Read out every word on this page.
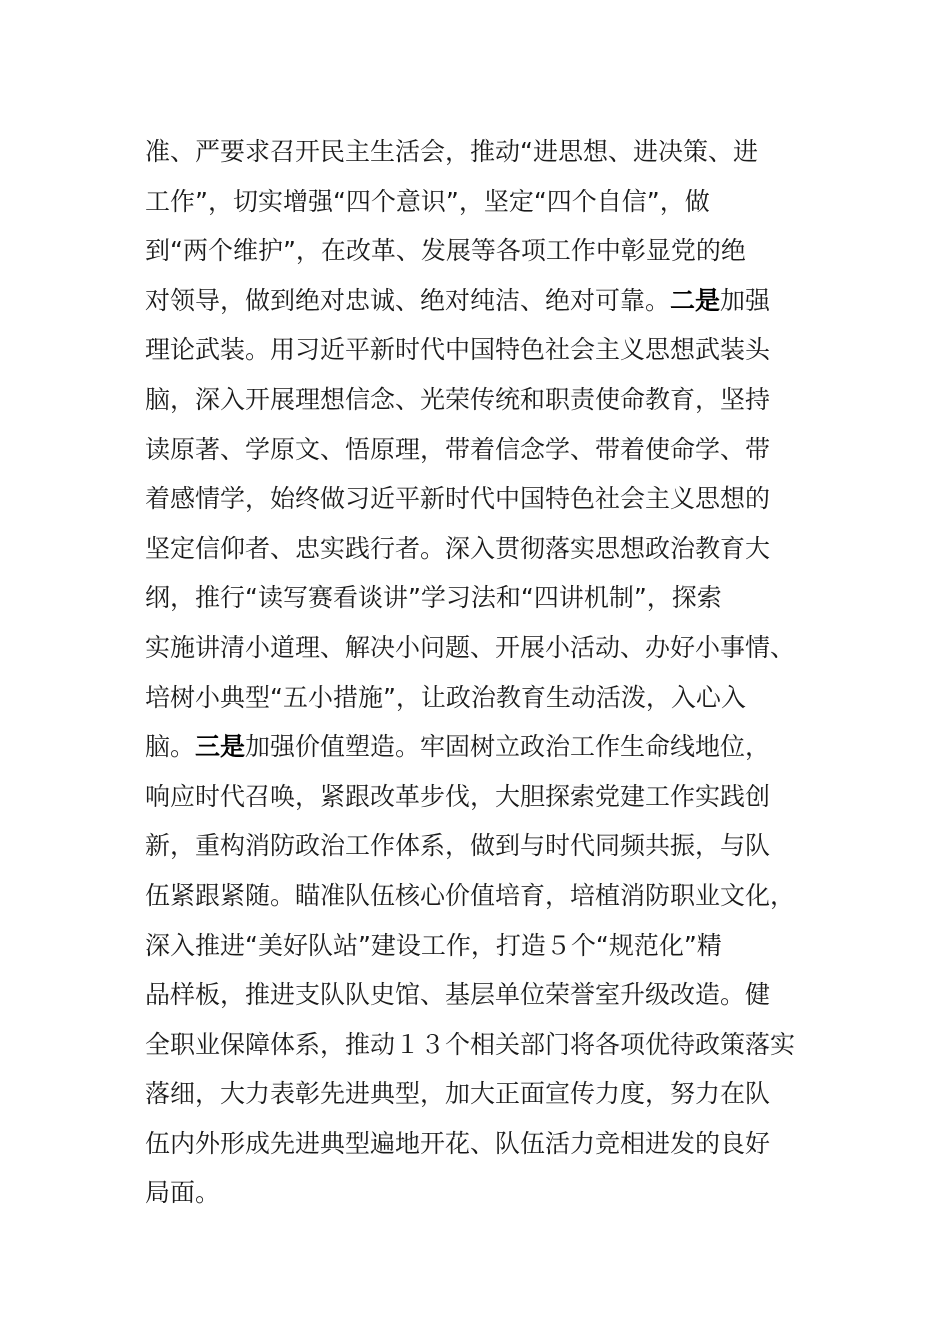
准、严要求召开民主生活会，推动“进思想、进决策、进
工作”，切实增强“四个意识”，坚定“四个自信”，做
到“两个维护”，在改革、发展等各项工作中彰显党的绝
对领导，做到绝对忠诚、绝对纯洁、绝对可靠。二是加强
理论武装。用习近平新时代中国特色社会主义思想武装头
脑，深入开展理想信念、光荣传统和职责使命教育，坚持
读原著、学原文、悟原理，带着信念学、带着使命学、带
着感情学，始终做习近平新时代中国特色社会主义思想的
坚定信仰者、忠实践行者。深入贯彻落实思想政治教育大
纲，推行“读写赛看谈讲”学习法和“四讲机制”，探索
实施讲清小道理、解决小问题、开展小活动、办好小事情、
培树小典型“五小措施”，让政治教育生动活泼，入心入
脑。三是加强价值塑造。牢固树立政治工作生命线地位，
响应时代召唤，紧跟改革步伐，大胆探索党建工作实践创
新，重构消防政治工作体系，做到与时代同频共振，与队
伍紧跟紧随。瞄准队伍核心价值培育，培植消防职业文化，
深入推进“美好队站”建设工作，打造５个“规范化”精
品样板，推进支队队史馆、基层单位荣誉室升级改造。健
全职业保障体系，推动１３个相关部门将各项优待政策落实
落细，大力表彰先进典型，加大正面宣传力度，努力在队
伍内外形成先进典型遍地开花、队伍活力竞相进发的良好
局面。
